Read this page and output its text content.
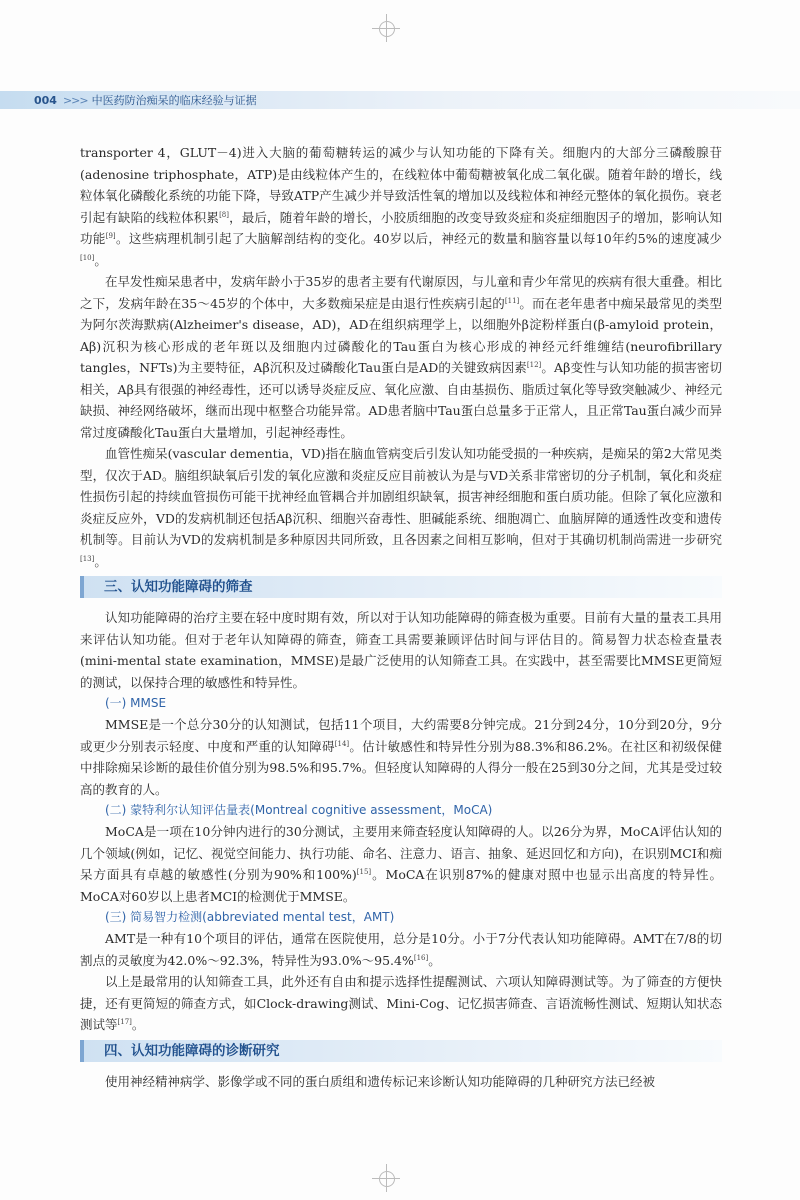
004 >>> 中医药防治痴呆的临床经验与证据

transporter 4，GLUT－4)进入大脑的葡萄糖转运的减少与认知功能的下降有关。细胞内的大部分三磷酸腺苷(adenosine triphosphate，ATP)是由线粒体产生的，在线粒体中葡萄糖被氧化成二氧化碳。随着年龄的增长，线粒体氧化磷酸化系统的功能下降，导致ATP产生减少并导致活性氧的增加以及线粒体和神经元整体的氧化损伤。衰老引起有缺陷的线粒体积累[8]，最后，随着年龄的增长，小胶质细胞的改变导致炎症和炎症细胞因子的增加，影响认知功能[9]。这些病理机制引起了大脑解剖结构的变化。40岁以后，神经元的数量和脑容量以每10年约5%的速度减少[10]。

在早发性痴呆患者中，发病年龄小于35岁的患者主要有代谢原因，与儿童和青少年常见的疾病有很大重叠。相比之下，发病年龄在35～45岁的个体中，大多数痴呆症是由退行性疾病引起的[11]。而在老年患者中痴呆最常见的类型为阿尔茨海默病(Alzheimer's disease，AD)，AD在组织病理学上，以细胞外β淀粉样蛋白(β-amyloid protein，Aβ)沉积为核心形成的老年斑以及细胞内过磷酸化的Tau蛋白为核心形成的神经元纤维缠结(neurofibrillary tangles，NFTs)为主要特征，Aβ沉积及过磷酸化Tau蛋白是AD的关键致病因素[12]。Aβ变性与认知功能的损害密切相关，Aβ具有很强的神经毒性，还可以诱导炎症反应、氧化应激、自由基损伤、脂质过氧化等导致突触减少、神经元缺损、神经网络破坏，继而出现中枢整合功能异常。AD患者脑中Tau蛋白总量多于正常人，且正常Tau蛋白减少而异常过度磷酸化Tau蛋白大量增加，引起神经毒性。

血管性痴呆(vascular dementia，VD)指在脑血管病变后引发认知功能受损的一种疾病，是痴呆的第2大常见类型，仅次于AD。脑组织缺氧后引发的氧化应激和炎症反应目前被认为是与VD关系非常密切的分子机制，氧化和炎症性损伤引起的持续血管损伤可能干扰神经血管耦合并加剧组织缺氧，损害神经细胞和蛋白质功能。但除了氧化应激和炎症反应外，VD的发病机制还包括Aβ沉积、细胞兴奋毒性、胆碱能系统、细胞凋亡、血脑屏障的通透性改变和遗传机制等。目前认为VD的发病机制是多种原因共同所致，且各因素之间相互影响，但对于其确切机制尚需进一步研究[13]。

三、认知功能障碍的筛查

认知功能障碍的治疗主要在轻中度时期有效，所以对于认知功能障碍的筛查极为重要。目前有大量的量表工具用来评估认知功能。但对于老年认知障碍的筛查，筛查工具需要兼顾评估时间与评估目的。简易智力状态检查量表(mini-mental state examination，MMSE)是最广泛使用的认知筛查工具。在实践中，甚至需要比MMSE更简短的测试，以保持合理的敏感性和特异性。

(一) MMSE

MMSE是一个总分30分的认知测试，包括11个项目，大约需要8分钟完成。21分到24分，10分到20分，9分或更少分别表示轻度、中度和严重的认知障碍[14]。估计敏感性和特异性分别为88.3%和86.2%。在社区和初级保健中排除痴呆诊断的最佳价值分别为98.5%和95.7%。但轻度认知障碍的人得分一般在25到30分之间，尤其是受过较高的教育的人。

(二) 蒙特利尔认知评估量表(Montreal cognitive assessment，MoCA)

MoCA是一项在10分钟内进行的30分测试，主要用来筛查轻度认知障碍的人。以26分为界，MoCA评估认知的几个领域(例如，记忆、视觉空间能力、执行功能、命名、注意力、语言、抽象、延迟回忆和方向)，在识别MCI和痴呆方面具有卓越的敏感性(分别为90%和100%)[15]。MoCA在识别87%的健康对照中也显示出高度的特异性。MoCA对60岁以上患者MCI的检测优于MMSE。

(三) 简易智力检测(abbreviated mental test，AMT)

AMT是一种有10个项目的评估，通常在医院使用，总分是10分。小于7分代表认知功能障碍。AMT在7/8的切割点的灵敏度为42.0%～92.3%，特异性为93.0%～95.4%[16]。

以上是最常用的认知筛查工具，此外还有自由和提示选择性提醒测试、六项认知障碍测试等。为了筛查的方便快捷，还有更简短的筛查方式，如Clock-drawing测试、Mini-Cog、记忆损害筛查、言语流畅性测试、短期认知状态测试等[17]。

四、认知功能障碍的诊断研究

使用神经精神病学、影像学或不同的蛋白质组和遗传标记来诊断认知功能障碍的几种研究方法已经被
